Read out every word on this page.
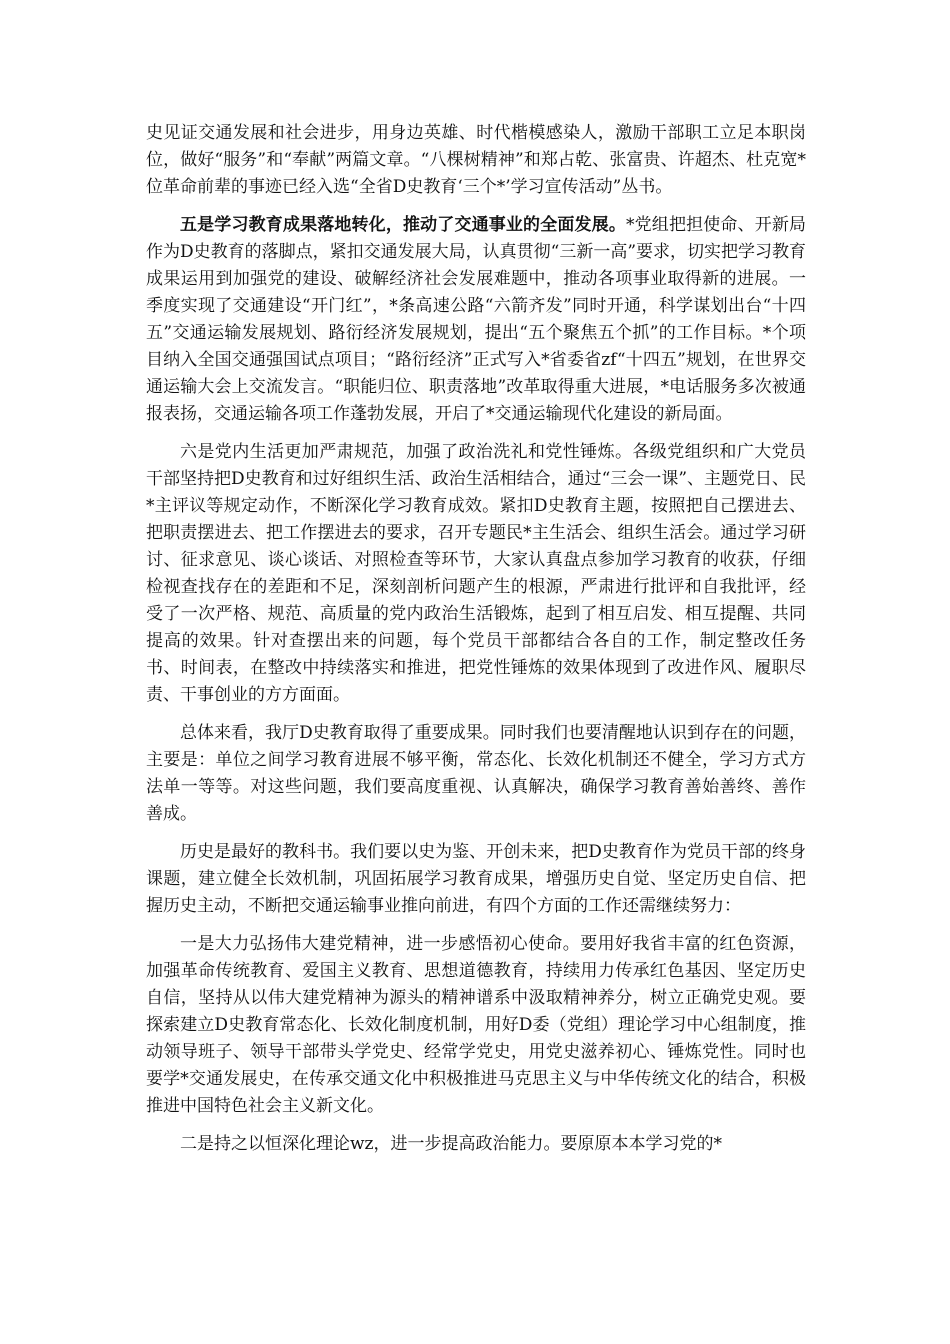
史见证交通发展和社会进步，用身边英雄、时代楷模感染人，激励干部职工立足本职岗位，做好“服务”和“奉献”两篇文章。“八棵树精神”和郑占乾、张富贵、许超杰、杜克宽*位革命前辈的事迹已经入选“全省D史教育‘三个*’学习宣传活动”丛书。

五是学习教育成果落地转化，推动了交通事业的全面发展。*党组把担使命、开新局作为D史教育的落脚点，紧扣交通发展大局，认真贯彻“三新一高”要求，切实把学习教育成果运用到加强党的建设、破解经济社会发展难题中，推动各项事业取得新的进展。一季度实现了交通建设“开门红”，*条高速公路“六箭齐发”同时开通，科学谋划出台“十四五”交通运输发展规划、路衍经济发展规划，提出“五个聚焦五个抓”的工作目标。*个项目纳入全国交通强国试点项目；“路衍经济”正式写入*省委省zf“十四五”规划，在世界交通运输大会上交流发言。“职能归位、职责落地”改革取得重大进展，*电话服务多次被通报表扬，交通运输各项工作蓬勃发展，开启了*交通运输现代化建设的新局面。

六是党内生活更加严肃规范，加强了政治洗礼和党性锤炼。各级党组织和广大党员干部坚持把D史教育和过好组织生活、政治生活相结合，通过“三会一课”、主题党日、民*主评议等规定动作，不断深化学习教育成效。紧扣D史教育主题，按照把自己摆进去、把职责摆进去、把工作摆进去的要求，召开专题民*主生活会、组织生活会。通过学习研讨、征求意见、谈心谈话、对照检查等环节，大家认真盘点参加学习教育的收获，仔细检视查找存在的差距和不足，深刻剖析问题产生的根源，严肃进行批评和自我批评，经受了一次严格、规范、高质量的党内政治生活锻炼，起到了相互启发、相互提醒、共同提高的效果。针对查摆出来的问题，每个党员干部都结合各自的工作，制定整改任务书、时间表，在整改中持续落实和推进，把党性锤炼的效果体现到了改进作风、履职尽责、干事创业的方方面面。

总体来看，我厅D史教育取得了重要成果。同时我们也要清醒地认识到存在的问题，主要是：单位之间学习教育进展不够平衡，常态化、长效化机制还不健全，学习方式方法单一等等。对这些问题，我们要高度重视、认真解决，确保学习教育善始善终、善作善成。

历史是最好的教科书。我们要以史为鉴、开创未来，把D史教育作为党员干部的终身课题，建立健全长效机制，巩固拓展学习教育成果，增强历史自觉、坚定历史自信、把握历史主动，不断把交通运输事业推向前进，有四个方面的工作还需继续努力：

一是大力弘扬伟大建党精神，进一步感悟初心使命。要用好我省丰富的红色资源，加强革命传统教育、爱国主义教育、思想道德教育，持续用力传承红色基因、坚定历史自信，坚持从以伟大建党精神为源头的精神谱系中汲取精神养分，树立正确党史观。要探索建立D史教育常态化、长效化制度机制，用好D委（党组）理论学习中心组制度，推动领导班子、领导干部带头学党史、经常学党史，用党史滋养初心、锤炼党性。同时也要学*交通发展史，在传承交通文化中积极推进马克思主义与中华传统文化的结合，积极推进中国特色社会主义新文化。

二是持之以恒深化理论wz，进一步提高政治能力。要原原本本学习党的*
